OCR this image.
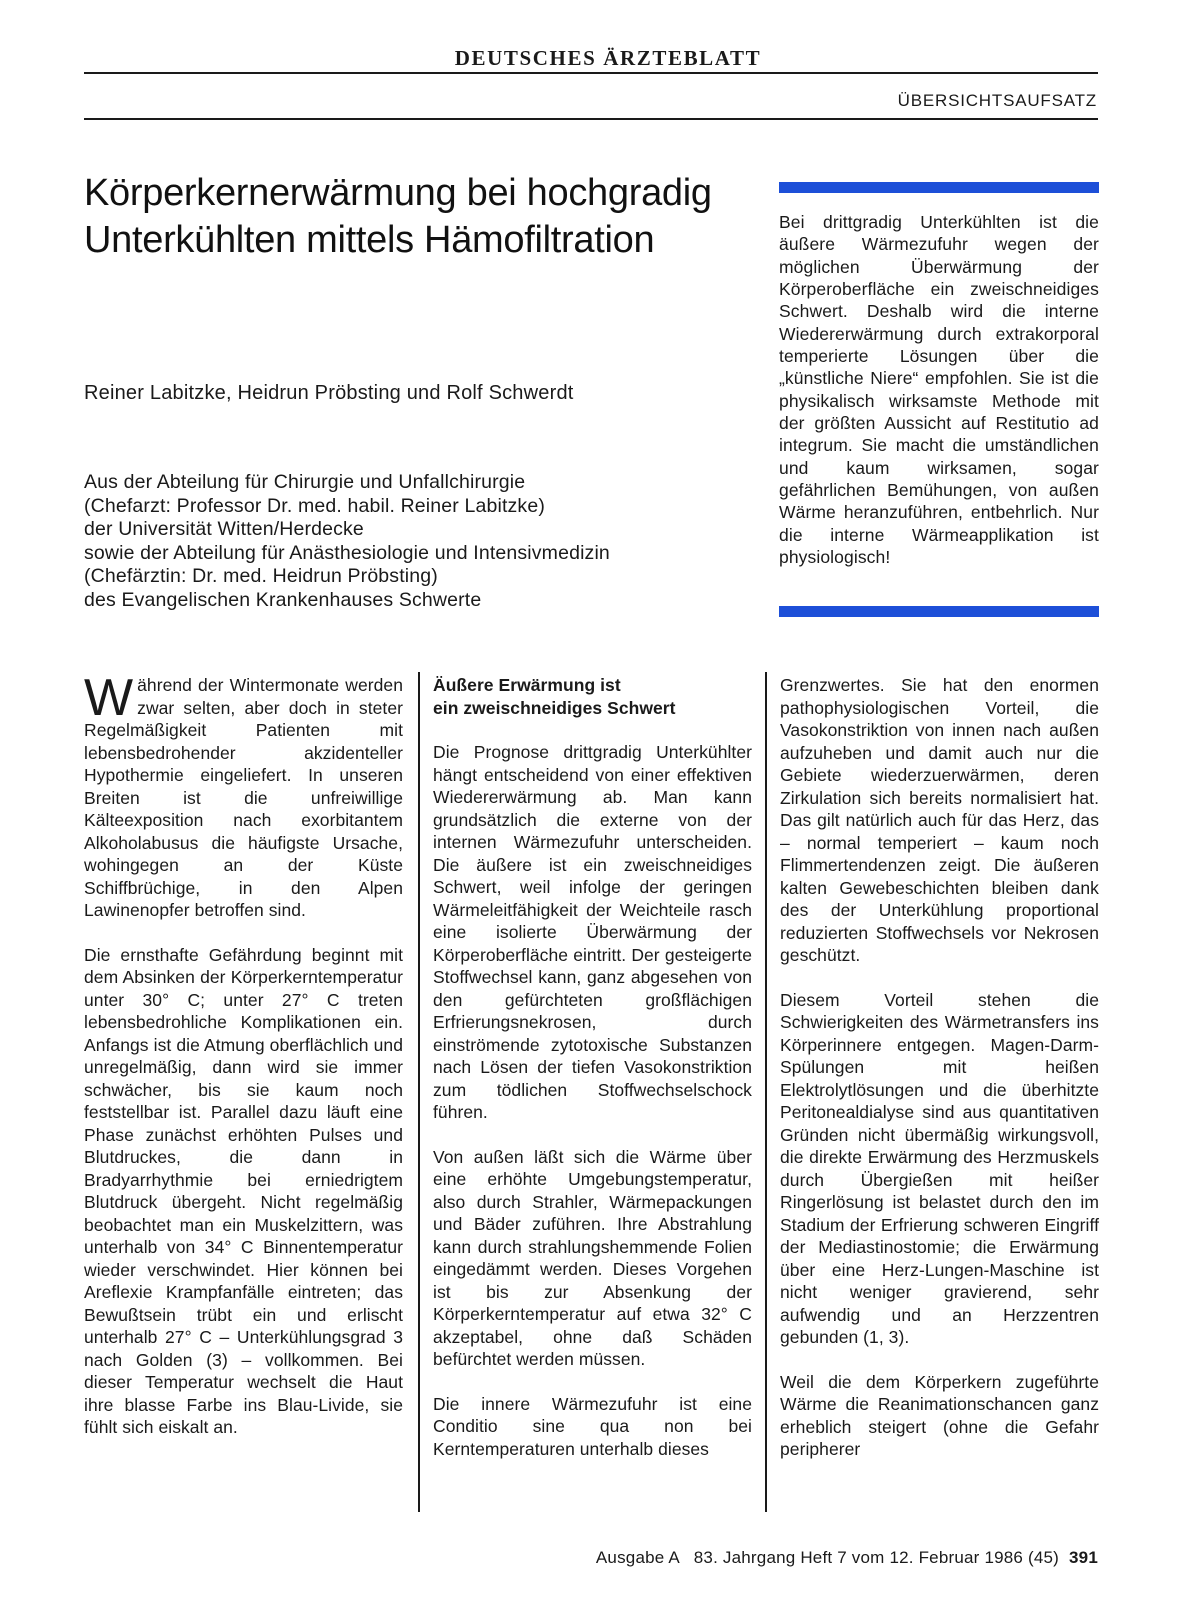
DEUTSCHES ÄRZTEBLATT
ÜBERSICHTSAUFSATZ
Körperkernerwärmung bei hochgradig Unterkühlten mittels Hämofiltration
Reiner Labitzke, Heidrun Pröbsting und Rolf Schwerdt
Aus der Abteilung für Chirurgie und Unfallchirurgie
(Chefarzt: Professor Dr. med. habil. Reiner Labitzke)
der Universität Witten/Herdecke
sowie der Abteilung für Anästhesiologie und Intensivmedizin
(Chefärztin: Dr. med. Heidrun Pröbsting)
des Evangelischen Krankenhauses Schwerte
Bei drittgradig Unterkühlten ist die äußere Wärmezufuhr wegen der möglichen Überwärmung der Körperoberfläche ein zweischneidiges Schwert. Deshalb wird die interne Wiedererwärmung durch extrakorporal temperierte Lösungen über die „künstliche Niere“ empfohlen. Sie ist die physikalisch wirksamste Methode mit der größten Aussicht auf Restitutio ad integrum. Sie macht die umständlichen und kaum wirksamen, sogar gefährlichen Bemühungen, von außen Wärme heranzuführen, entbehrlich. Nur die interne Wärmeapplikation ist physiologisch!

Während der Wintermonate werden zwar selten, aber doch in steter Regelmäßigkeit Patienten mit lebensbedrohender akzidenteller Hypothermie eingeliefert. In unseren Breiten ist die unfreiwillige Kälteexposition nach exorbitantem Alkoholabusus die häufigste Ursache, wohingegen an der Küste Schiffbrüchige, in den Alpen Lawinenopfer betroffen sind.

Die ernsthafte Gefährdung beginnt mit dem Absinken der Körperkerntemperatur unter 30° C; unter 27° C treten lebensbedrohliche Komplikationen ein. Anfangs ist die Atmung oberflächlich und unregelmäßig, dann wird sie immer schwächer, bis sie kaum noch feststellbar ist. Parallel dazu läuft eine Phase zunächst erhöhten Pulses und Blutdruckes, die dann in Bradyarrhythmie bei erniedrigtem Blutdruck übergeht. Nicht regelmäßig beobachtet man ein Muskelzittern, was unterhalb von 34° C Binnentemperatur wieder verschwindet. Hier können bei Areflexie Krampfanfälle eintreten; das Bewußtsein trübt ein und erlischt unterhalb 27° C – Unterkühlungsgrad 3 nach Golden (3) – vollkommen. Bei dieser Temperatur wechselt die Haut ihre blasse Farbe ins Blau-Livide, sie fühlt sich eiskalt an.

Äußere Erwärmung ist
ein zweischneidiges Schwert

Die Prognose drittgradig Unterkühlter hängt entscheidend von einer effektiven Wiedererwärmung ab. Man kann grundsätzlich die externe von der internen Wärmezufuhr unterscheiden. Die äußere ist ein zweischneidiges Schwert, weil infolge der geringen Wärmeleitfähigkeit der Weichteile rasch eine isolierte Überwärmung der Körperoberfläche eintritt. Der gesteigerte Stoffwechsel kann, ganz abgesehen von den gefürchteten großflächigen Erfrierungsnekrosen, durch einströmende zytotoxische Substanzen nach Lösen der tiefen Vasokonstriktion zum tödlichen Stoffwechselschock führen.

Von außen läßt sich die Wärme über eine erhöhte Umgebungstemperatur, also durch Strahler, Wärmepackungen und Bäder zuführen. Ihre Abstrahlung kann durch strahlungshemmende Folien eingedämmt werden. Dieses Vorgehen ist bis zur Absenkung der Körperkerntemperatur auf etwa 32° C akzeptabel, ohne daß Schäden befürchtet werden müssen.

Die innere Wärmezufuhr ist eine Conditio sine qua non bei Kerntemperaturen unterhalb dieses

Grenzwertes. Sie hat den enormen pathophysiologischen Vorteil, die Vasokonstriktion von innen nach außen aufzuheben und damit auch nur die Gebiete wiederzuerwärmen, deren Zirkulation sich bereits normalisiert hat. Das gilt natürlich auch für das Herz, das – normal temperiert – kaum noch Flimmertendenzen zeigt. Die äußeren kalten Gewebeschichten bleiben dank des der Unterkühlung proportional reduzierten Stoffwechsels vor Nekrosen geschützt.

Diesem Vorteil stehen die Schwierigkeiten des Wärmetransfers ins Körperinnere entgegen. Magen-Darm-Spülungen mit heißen Elektrolytlösungen und die überhitzte Peritonealdialyse sind aus quantitativen Gründen nicht übermäßig wirkungsvoll, die direkte Erwärmung des Herzmuskels durch Übergießen mit heißer Ringerlösung ist belastet durch den im Stadium der Erfrierung schweren Eingriff der Mediastinostomie; die Erwärmung über eine Herz-Lungen-Maschine ist nicht weniger gravierend, sehr aufwendig und an Herzzentren gebunden (1, 3).

Weil die dem Körperkern zugeführte Wärme die Reanimationschancen ganz erheblich steigert (ohne die Gefahr peripherer

Ausgabe A   83. Jahrgang Heft 7 vom 12. Februar 1986 (45) 391
